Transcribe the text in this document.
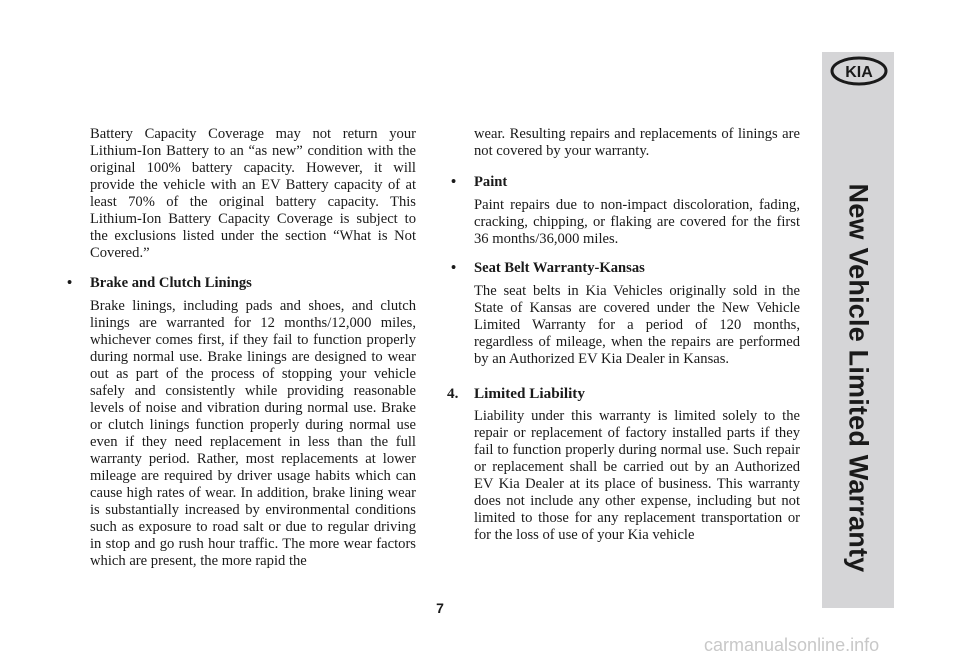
Battery Capacity Coverage may not return your Lithium-Ion Battery to an “as new” condition with the original 100% battery capacity. However, it will provide the vehicle with an EV Battery capacity of at least 70% of the original battery capacity. This Lithium-Ion Battery Capacity Coverage is subject to the exclusions listed under the section “What is Not Covered.”

• Brake and Clutch Linings

Brake linings, including pads and shoes, and clutch linings are warranted for 12 months/12,000 miles, whichever comes first, if they fail to function properly during normal use. Brake linings are designed to wear out as part of the process of stopping your vehicle safely and consistently while providing reasonable levels of noise and vibration during normal use. Brake or clutch linings function properly during normal use even if they need replacement in less than the full warranty period. Rather, most replacements at lower mileage are required by driver usage habits which can cause high rates of wear. In addition, brake lining wear is substantially increased by environmental conditions such as exposure to road salt or due to regular driving in stop and go rush hour traffic. The more wear factors which are present, the more rapid the

wear. Resulting repairs and replacements of linings are not covered by your warranty.

• Paint

Paint repairs due to non-impact discoloration, fading, cracking, chipping, or flaking are covered for the first 36 months/36,000 miles.

• Seat Belt Warranty-Kansas

The seat belts in Kia Vehicles originally sold in the State of Kansas are covered under the New Vehicle Limited Warranty for a period of 120 months, regardless of mileage, when the repairs are performed by an Authorized EV Kia Dealer in Kansas.

4. Limited Liability

Liability under this warranty is limited solely to the repair or replacement of factory installed parts if they fail to function properly during normal use. Such repair or replacement shall be carried out by an Authorized EV Kia Dealer at its place of business. This warranty does not include any other expense, including but not limited to those for any replacement transportation or for the loss of use of your Kia vehicle

7
KIA
New Vehicle Limited Warranty
carmanualsonline.info
